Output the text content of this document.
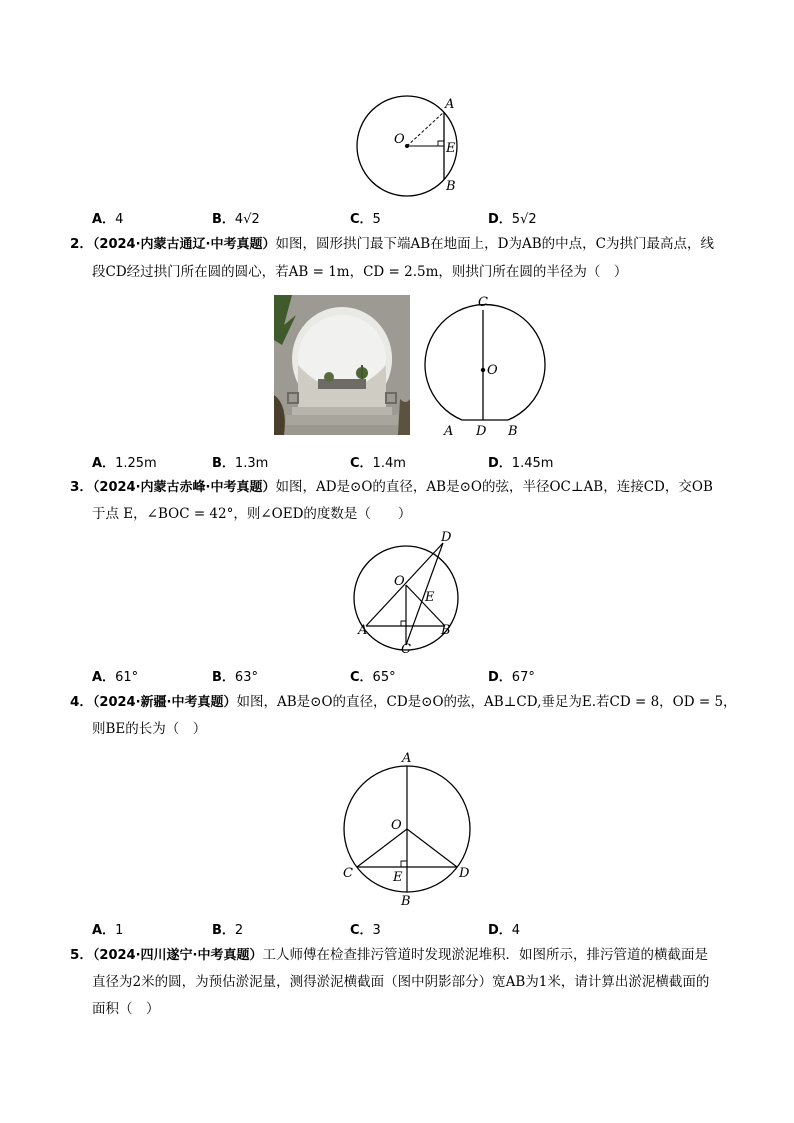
O
A
E
B
A．4	B．4√2	C．5	D．5√2
2．（2024·内蒙古通辽·中考真题）如图，圆形拱门最下端AB在地面上，D为AB的中点，C为拱门最高点，线
段CD经过拱门所在圆的圆心，若AB = 1m，CD = 2.5m，则拱门所在圆的半径为（　）
C
O
A D B
A．1.25m	B．1.3m	C．1.4m	D．1.45m
3．（2024·内蒙古赤峰·中考真题）如图，AD是⊙O的直径，AB是⊙O的弦，半径OC⊥AB，连接CD，交OB
于点 E，∠BOC = 42°，则∠OED的度数是（　　）
D
O
E
A	B
C
A．61°	B．63°	C．65°	D．67°
4．（2024·新疆·中考真题）如图，AB是⊙O的直径，CD是⊙O的弦，AB⊥CD,垂足为E.若CD = 8，OD = 5，
则BE的长为（　）
A
O
C	E	D
B
A．1	B．2	C．3	D．4
5．（2024·四川遂宁·中考真题）工人师傅在检查排污管道时发现淤泥堆积．如图所示，排污管道的横截面是
直径为2米的圆，为预估淤泥量，测得淤泥横截面（图中阴影部分）宽AB为1米，请计算出淤泥横截面的
面积（　）
